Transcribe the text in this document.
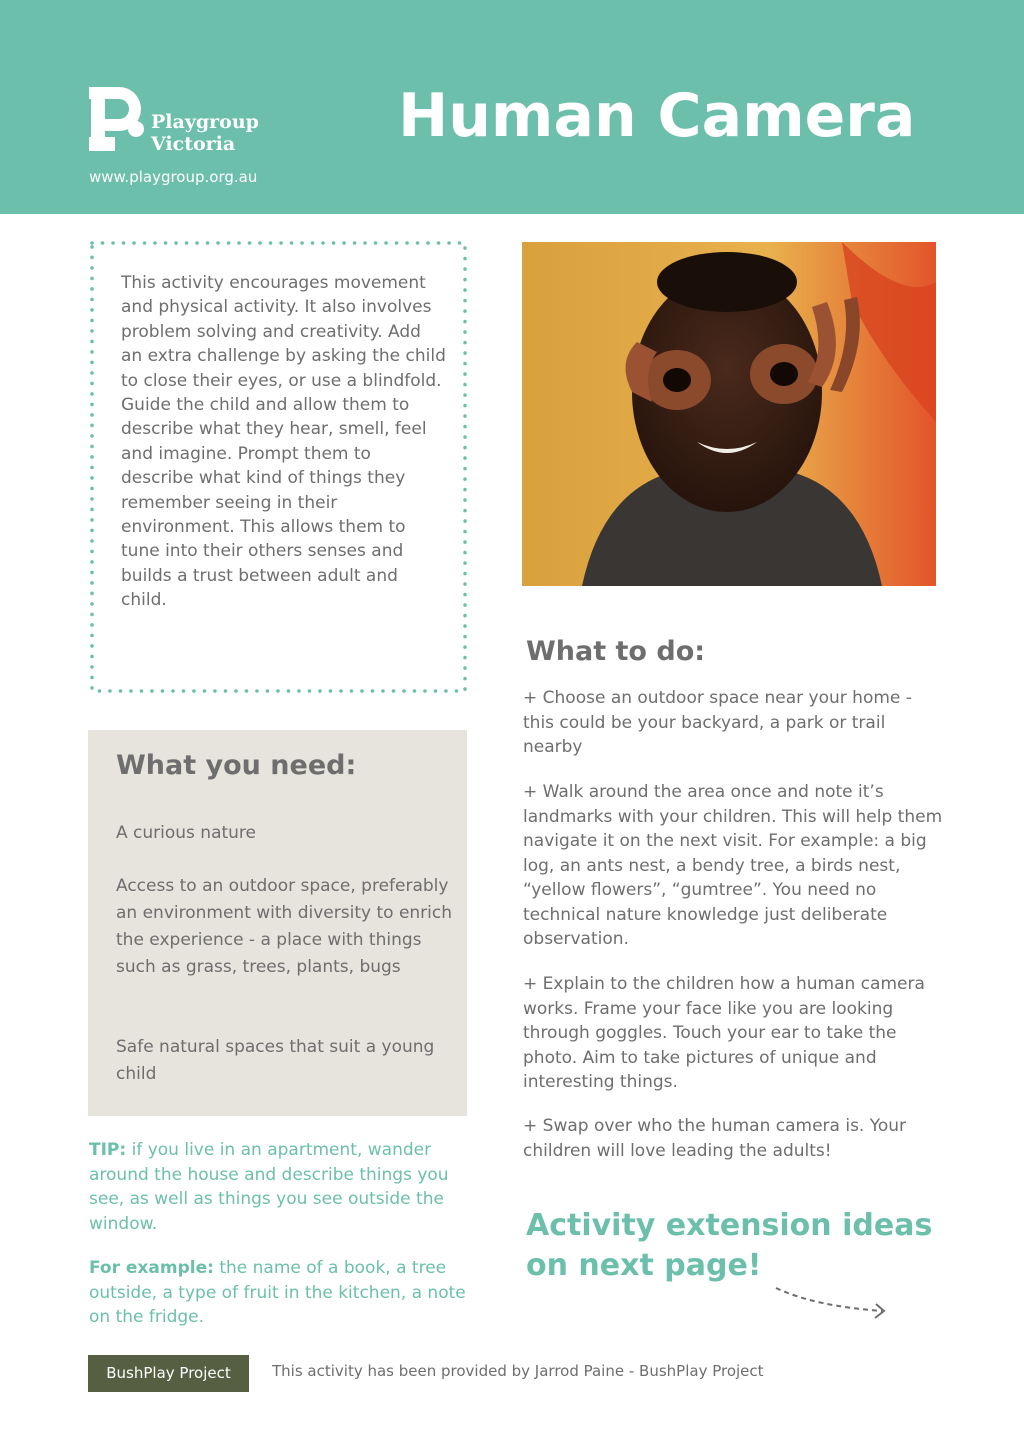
Playgroup Victoria
www.playgroup.org.au
Human Camera
This activity encourages movement and physical activity. It also involves problem solving and creativity. Add an extra challenge by asking the child to close their eyes, or use a blindfold. Guide the child and allow them to describe what they hear, smell, feel and imagine. Prompt them to describe what kind of things they remember seeing in their environment. This allows them to tune into their others senses and builds a trust between adult and child.
What you need:
A curious nature
Access to an outdoor space, preferably an environment with diversity to enrich the experience - a place with things such as grass, trees, plants, bugs
Safe natural spaces that suit a young child
TIP: if you live in an apartment, wander around the house and describe things you see, as well as things you see outside the window.
For example: the name of a book, a tree outside, a type of fruit in the kitchen, a note on the fridge.
What to do:
+ Choose an outdoor space near your home - this could be your backyard, a park or trail nearby
+ Walk around the area once and note it’s landmarks with your children. This will help them navigate it on the next visit. For example: a big log, an ants nest, a bendy tree, a birds nest, “yellow flowers”, “gumtree”. You need no technical nature knowledge just deliberate observation.
+ Explain to the children how a human camera works. Frame your face like you are looking through goggles. Touch your ear to take the photo. Aim to take pictures of unique and interesting things.
+ Swap over who the human camera is. Your children will love leading the adults!
Activity extension ideas on next page!
BushPlay Project	This activity has been provided by Jarrod Paine - BushPlay Project
